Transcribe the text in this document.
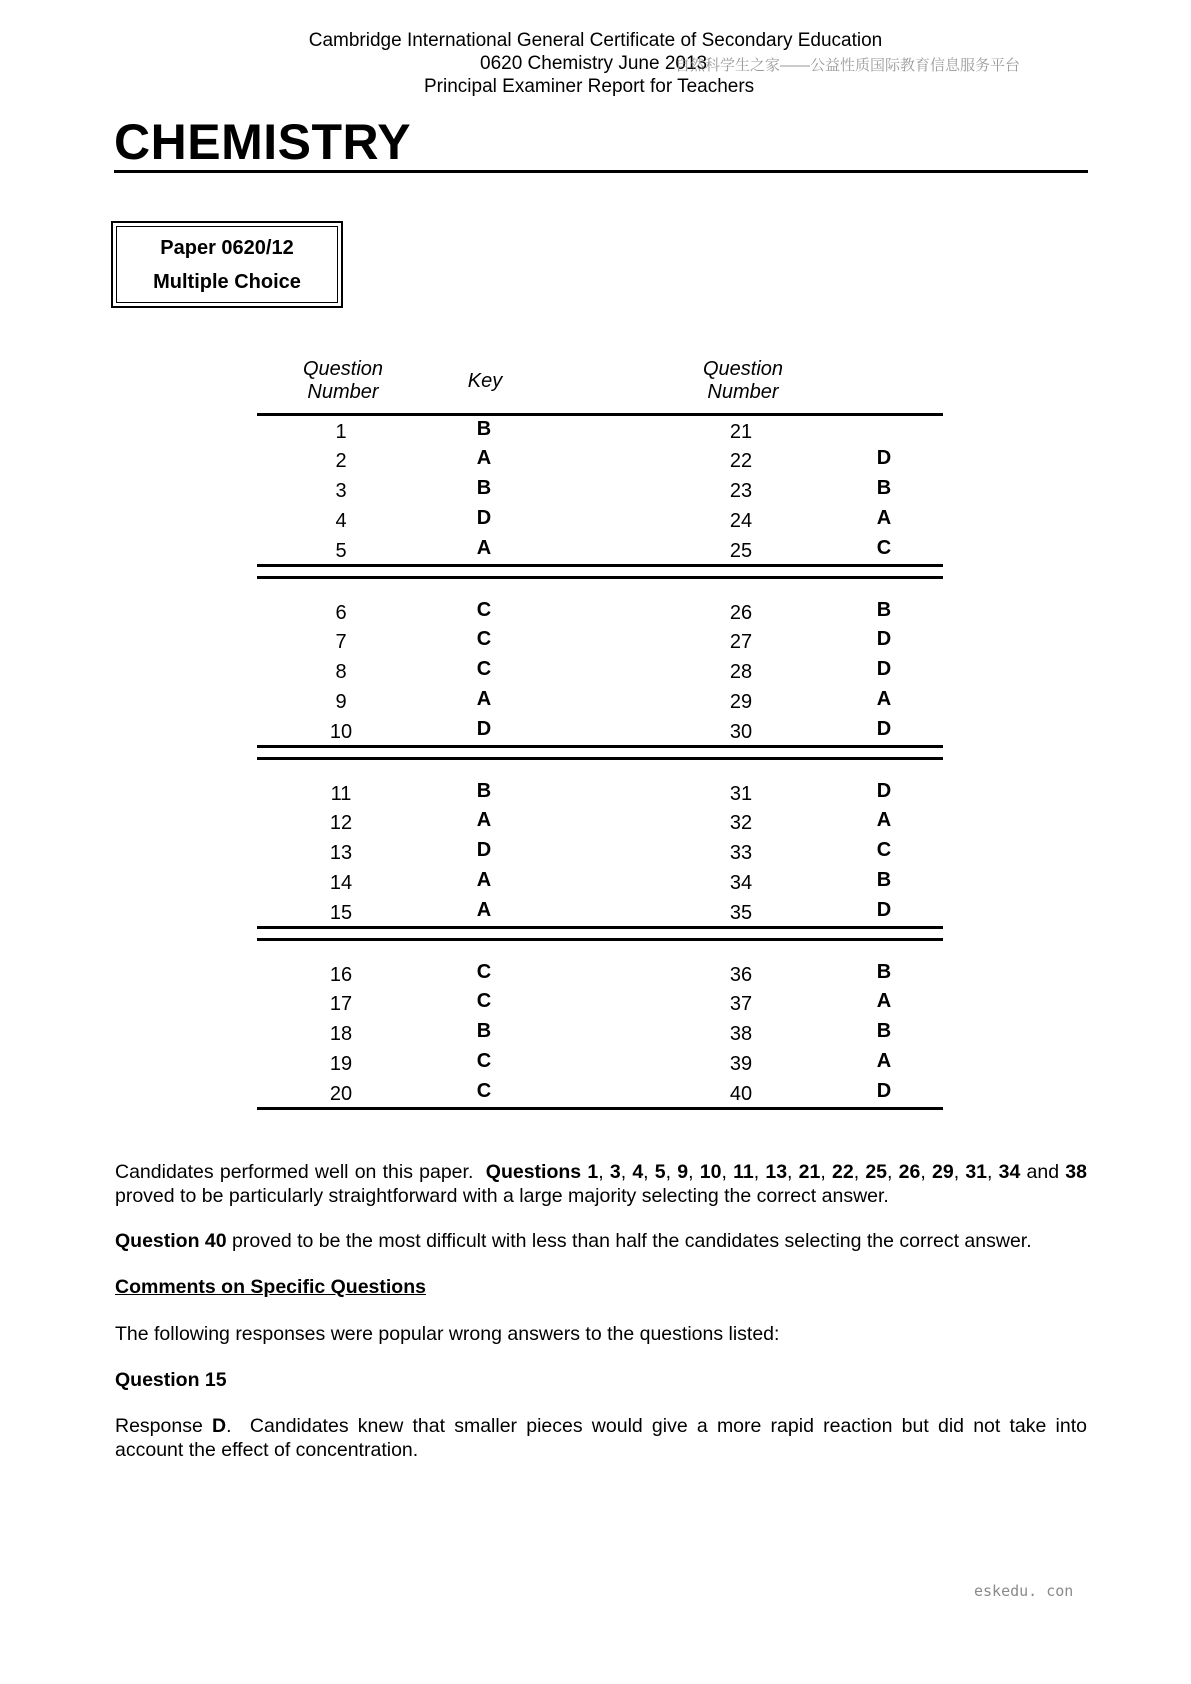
Cambridge International General Certificate of Secondary Education
0620 Chemistry June 2013
Principal Examiner Report for Teachers
自然科学生之家——公益性质国际教育信息服务平台
CHEMISTRY
Paper 0620/12
Multiple Choice
Question
Number	Key
Question
Number
1	B	21
2	A	22	D
3	B	23	B
4	D	24	A
5	A	25	C
6	C	26	B
7	C	27	D
8	C	28	D
9	A	29	A
10	D	30	D
11	B	31	D
12	A	32	A
13	D	33	C
14	A	34	B
15	A	35	D
16	C	36	B
17	C	37	A
18	B	38	B
19	C	39	A
20	C	40	D

Candidates performed well on this paper. Questions 1, 3, 4, 5, 9, 10, 11, 13, 21, 22, 25, 26, 29, 31, 34 and 38 proved to be particularly straightforward with a large majority selecting the correct answer.

Question 40 proved to be the most difficult with less than half the candidates selecting the correct answer.

Comments on Specific Questions

The following responses were popular wrong answers to the questions listed:

Question 15

Response D.  Candidates knew that smaller pieces would give a more rapid reaction but did not take into account the effect of concentration.

eskedu. con
